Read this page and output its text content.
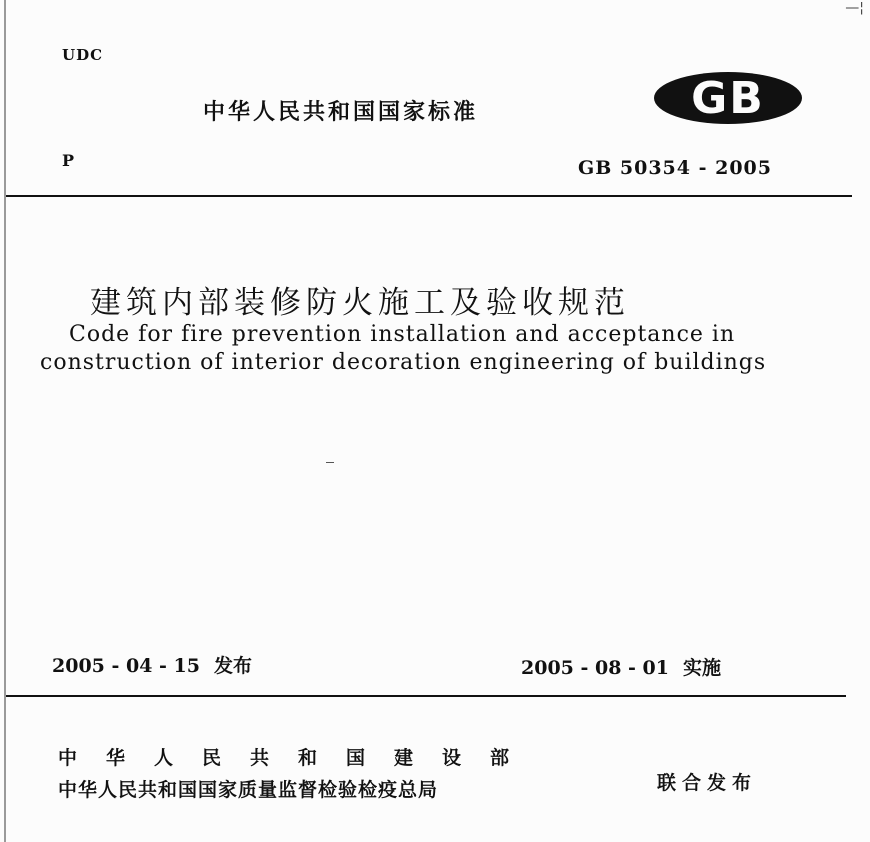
—¦
UDC
中华人民共和国国家标准	GB
P	GB 50354 - 2005
建筑内部装修防火施工及验收规范
Code for fire prevention installation and acceptance in
construction of interior decoration engineering of buildings
2005 - 04 - 15 发布	2005 - 08 - 01 实施
中华人民共和国建设部
中华人民共和国国家质量监督检验检疫总局	联合发布
